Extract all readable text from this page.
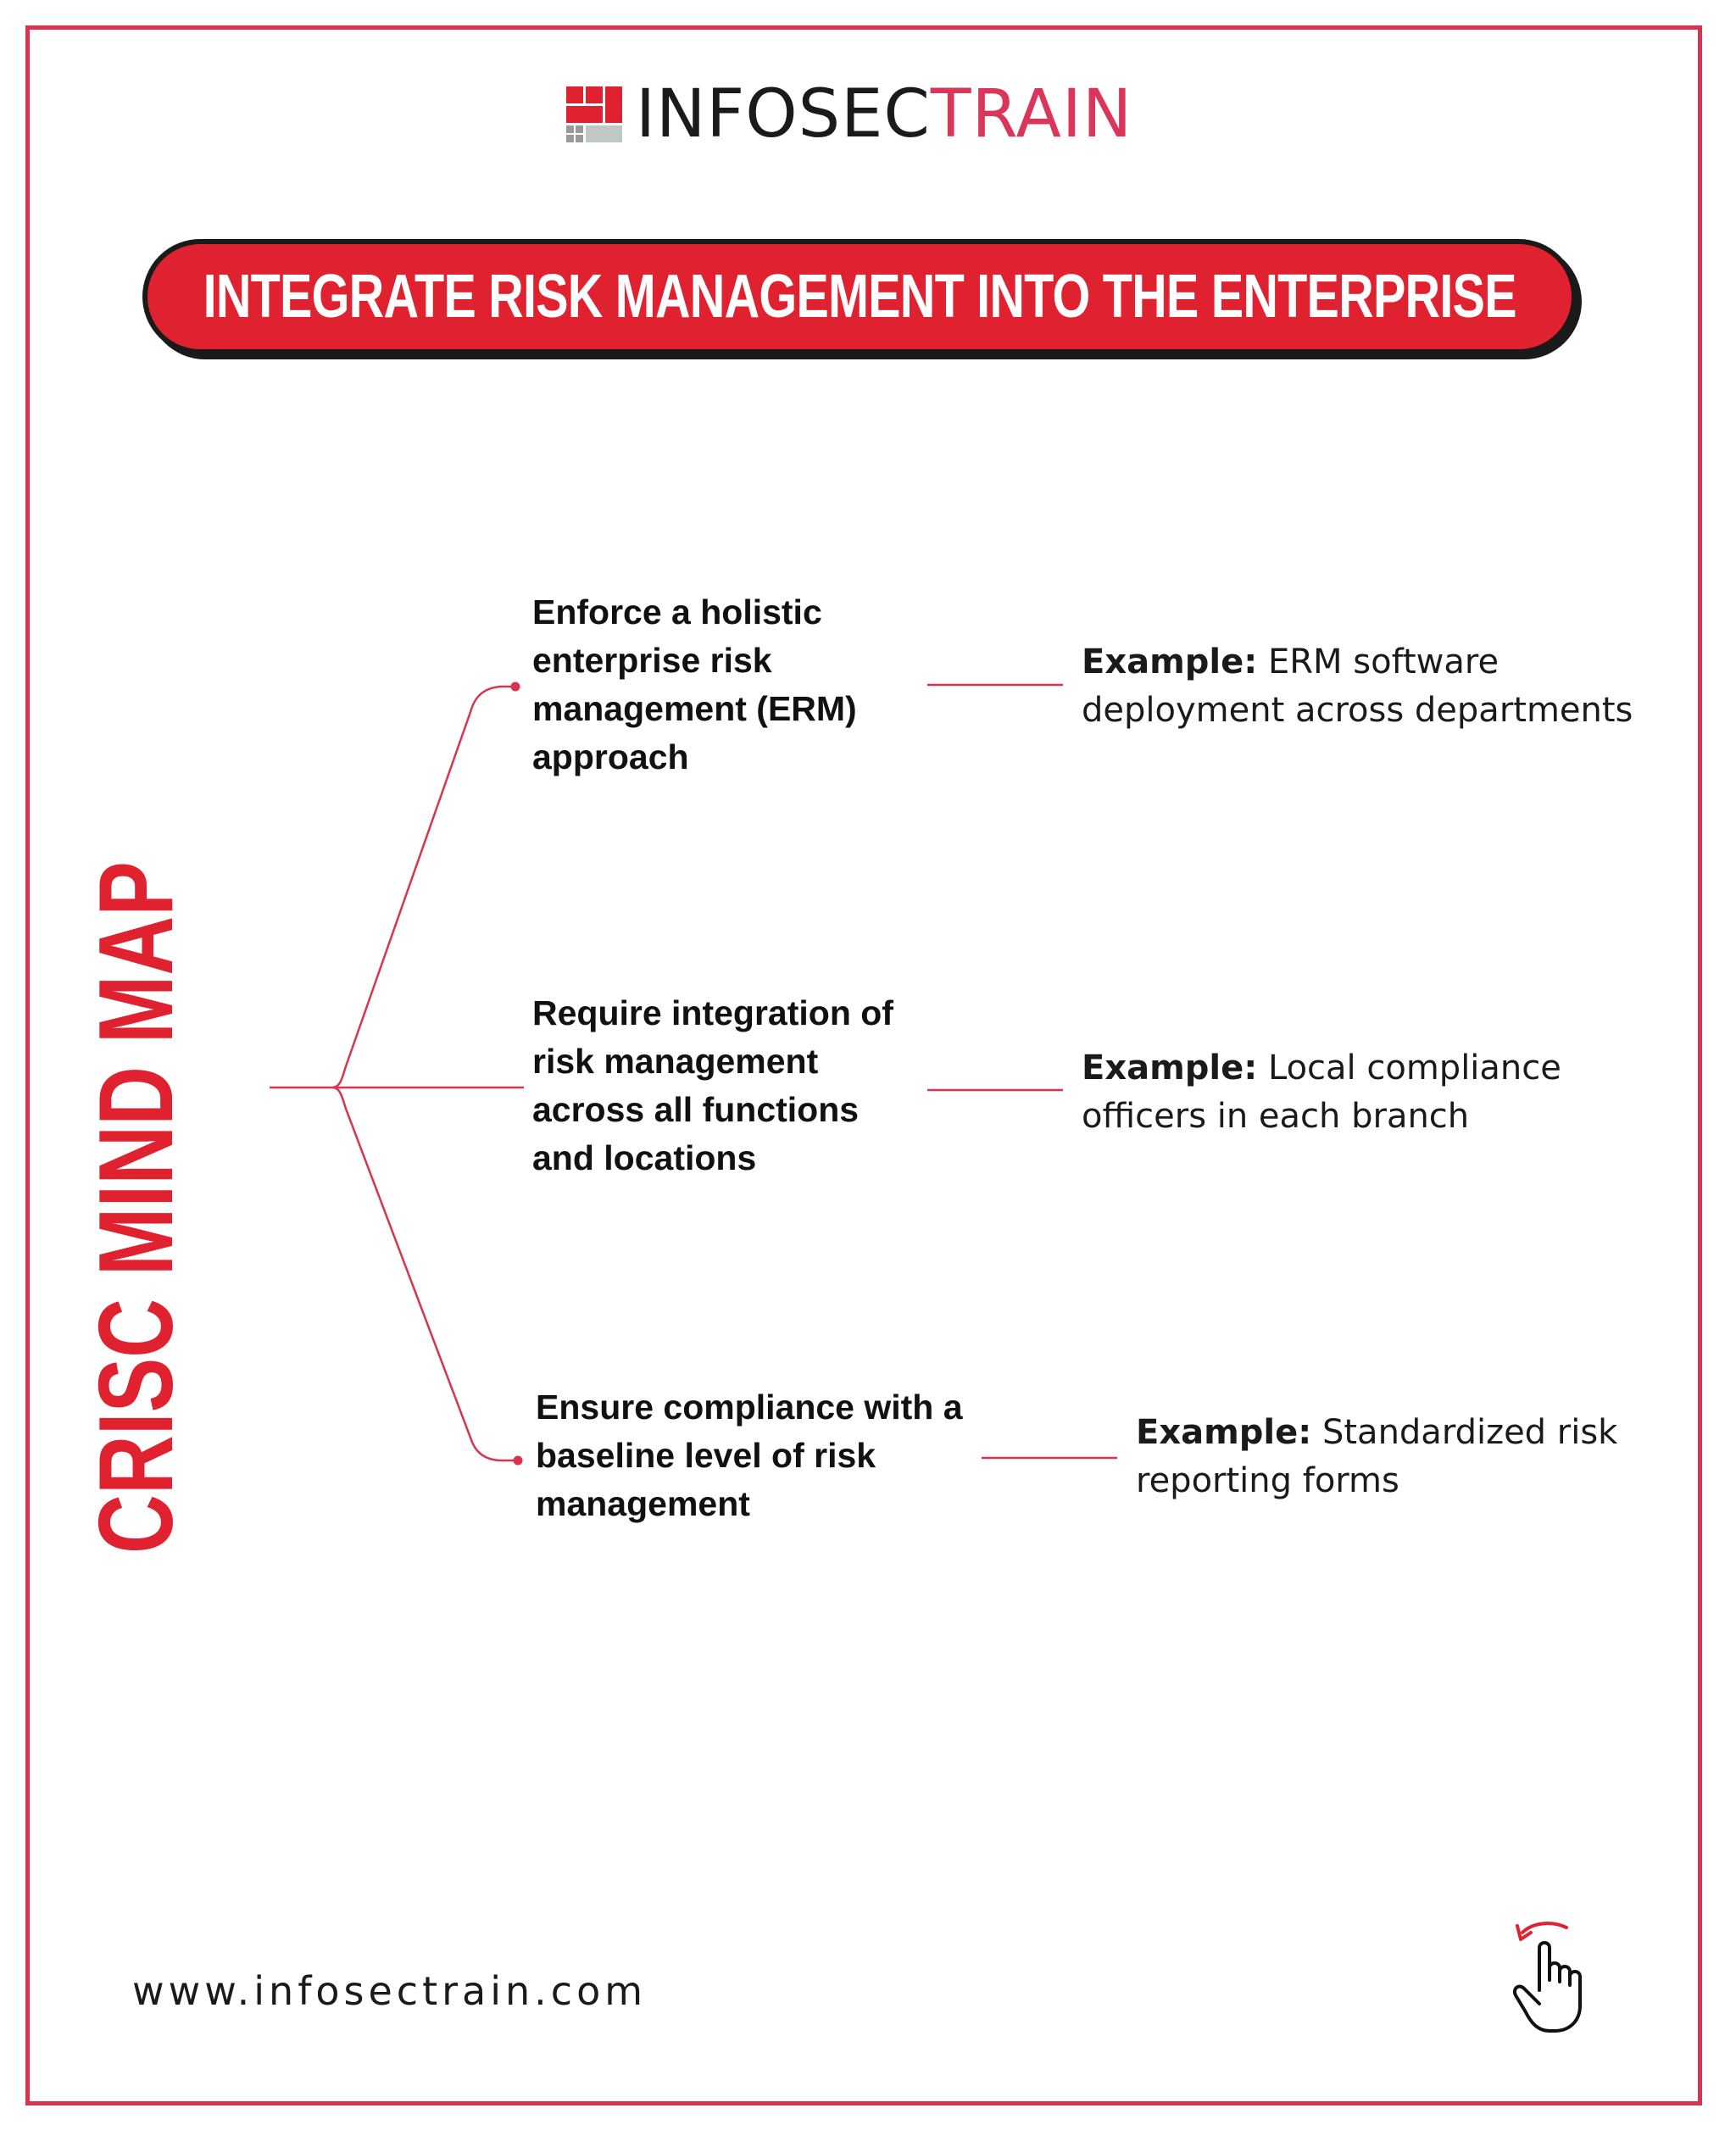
INFOSECTRAIN
INTEGRATE RISK MANAGEMENT INTO THE ENTERPRISE
CRISC MIND MAP
Enforce a holistic enterprise risk management (ERM) approach
Require integration of risk management across all functions and locations
Ensure compliance with a baseline level of risk management
Example: ERM software deployment across departments
Example: Local compliance officers in each branch
Example: Standardized risk reporting forms
www.infosectrain.com
